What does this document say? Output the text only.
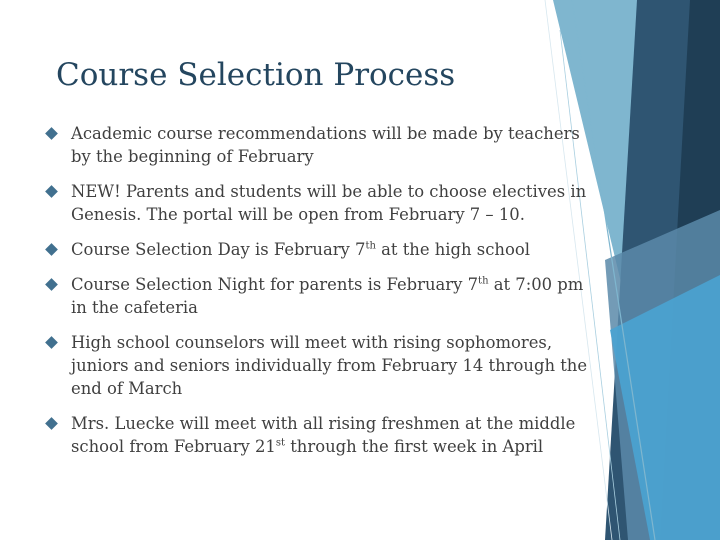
Course Selection Process
Academic course recommendations will be made by teachers by the beginning of February
NEW! Parents and students will be able to choose electives in Genesis. The portal will be open from February 7 – 10.
Course Selection Day is February 7th at the high school
Course Selection Night for parents is February 7th at 7:00 pm in the cafeteria
High school counselors will meet with rising sophomores, juniors and seniors individually from February 14 through the end of March
Mrs. Luecke will meet with all rising freshmen at the middle school from February 21st through the first week in April
